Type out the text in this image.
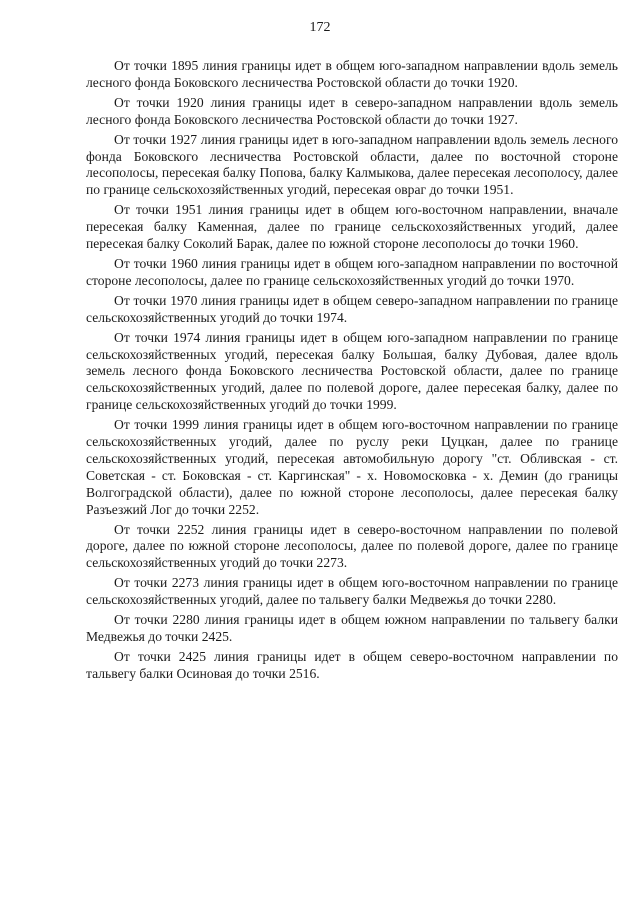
172

От точки 1895 линия границы идет в общем юго-западном направлении вдоль земель лесного фонда Боковского лесничества Ростовской области до точки 1920.

От точки 1920 линия границы идет в северо-западном направлении вдоль земель лесного фонда Боковского лесничества Ростовской области до точки 1927.

От точки 1927 линия границы идет в юго-западном направлении вдоль земель лесного фонда Боковского лесничества Ростовской области, далее по восточной стороне лесополосы, пересекая балку Попова, балку Калмыкова, далее пересекая лесополосу, далее по границе сельскохозяйственных угодий, пересекая овраг до точки 1951.

От точки 1951 линия границы идет в общем юго-восточном направлении, вначале пересекая балку Каменная, далее по границе сельскохозяйственных угодий, далее пересекая балку Соколий Барак, далее по южной стороне лесополосы до точки 1960.

От точки 1960 линия границы идет в общем юго-западном направлении по восточной стороне лесополосы, далее по границе сельскохозяйственных угодий до точки 1970.

От точки 1970 линия границы идет в общем северо-западном направлении по границе сельскохозяйственных угодий до точки 1974.

От точки 1974 линия границы идет в общем юго-западном направлении по границе сельскохозяйственных угодий, пересекая балку Большая, балку Дубовая, далее вдоль земель лесного фонда Боковского лесничества Ростовской области, далее по границе сельскохозяйственных угодий, далее по полевой дороге, далее пересекая балку, далее по границе сельскохозяйственных угодий до точки 1999.

От точки 1999 линия границы идет в общем юго-восточном направлении по границе сельскохозяйственных угодий, далее по руслу реки Цуцкан, далее по границе сельскохозяйственных угодий, пересекая автомобильную дорогу "ст. Обливская - ст. Советская - ст. Боковская - ст. Каргинская" - х. Новомосковка - х. Демин (до границы Волгоградской области), далее по южной стороне лесополосы, далее пересекая балку Разъезжий Лог до точки 2252.

От точки 2252 линия границы идет в северо-восточном направлении по полевой дороге, далее по южной стороне лесополосы, далее по полевой дороге, далее по границе сельскохозяйственных угодий до точки 2273.

От точки 2273 линия границы идет в общем юго-восточном направлении по границе сельскохозяйственных угодий, далее по тальвегу балки Медвежья до точки 2280.

От точки 2280 линия границы идет в общем южном направлении по тальвегу балки Медвежья до точки 2425.

От точки 2425 линия границы идет в общем северо-восточном направлении по тальвегу балки Осиновая до точки 2516.
